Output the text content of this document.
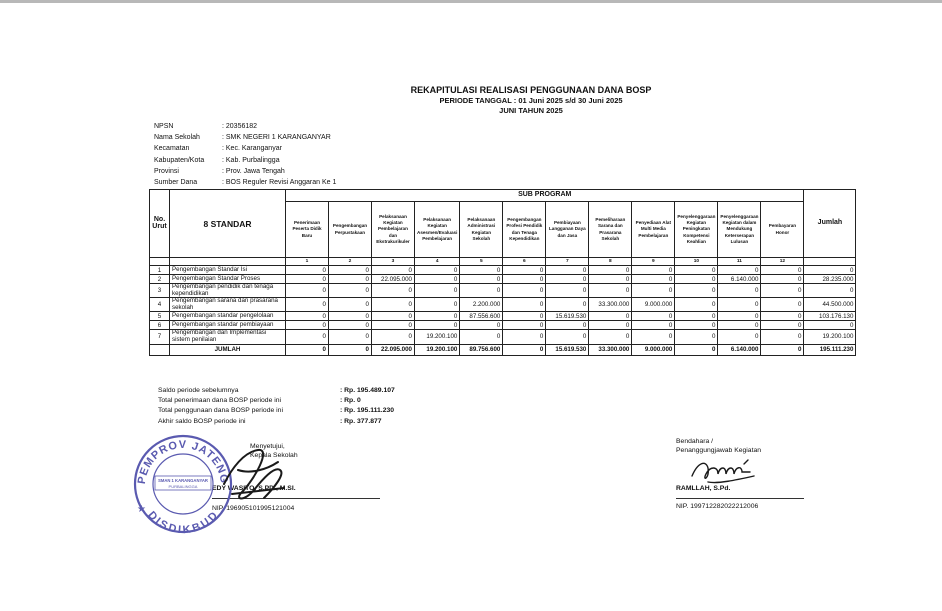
REKAPITULASI REALISASI PENGGUNAAN DANA BOSP
PERIODE TANGGAL : 01 Juni 2025 s/d 30 Juni 2025
JUNI TAHUN 2025
NPSN	: 20356182
Nama Sekolah	: SMK NEGERI 1 KARANGANYAR
Kecamatan	: Kec. Karanganyar
Kabupaten/Kota	: Kab. Purbalingga
Provinsi	: Prov. Jawa Tengah
Sumber Dana	: BOS Reguler Revisi Anggaran Ke 1
No. Urut	8 STANDAR	SUB PROGRAM												Jumlah
		Penerimaan Peserta Didik Baru	Pengembangan Perpustakaan	Pelaksanaan Kegiatan Pembelajaran dan Ekstrakurikuler	Pelaksanaan Kegiatan Asesmen/Evaluasi Pembelajaran	Pelaksanaan Administrasi Kegiatan Sekolah	Pengembangan Profesi Pendidik dan Tenaga Kependidikan	Pembiayaan Langganan Daya dan Jasa	Pemeliharaan Sarana dan Prasarana Sekolah	Penyediaan Alat Multi Media Pembelajaran	Penyelenggaraan Kegiatan Peningkatan Kompetensi Keahlian	Penyelenggaraan Kegiatan dalam Mendukung Keterserapan Lulusan	Pembayaran Honor	
		1	2	3	4	5	6	7	8	9	10	11	12	
1	Pengembangan Standar Isi	0	0	0	0	0	0	0	0	0	0	0	0	0
2	Pengembangan Standar Proses	0	0	22.095.000	0	0	0	0	0	0	0	6.140.000	0	28.235.000
3	Pengembangan pendidik dan tenaga kependidikan	0	0	0	0	0	0	0	0	0	0	0	0	0
4	Pengembangan sarana dan prasarana sekolah	0	0	0	0	2.200.000	0	0	33.300.000	9.000.000	0	0	0	44.500.000
5	Pengembangan standar pengelolaan	0	0	0	0	87.556.600	0	15.619.530	0	0	0	0	0	103.176.130
6	Pengembangan standar pembiayaan	0	0	0	0	0	0	0	0	0	0	0	0	0
7	Pengembangan dan Implementasi sistem penilaian	0	0	0	19.200.100	0	0	0	0	0	0	0	0	19.200.100
	JUMLAH	0	0	22.095.000	19.200.100	89.756.600	0	15.619.530	33.300.000	9.000.000	0	6.140.000	0	195.111.230
Saldo periode sebelumnya	: Rp. 195.489.107
Total penerimaan dana BOSP periode ini	: Rp. 0
Total penggunaan dana BOSP periode ini	: Rp. 195.111.230
Akhir saldo BOSP periode ini	: Rp. 377.877
Menyetujui,
Kepala Sekolah
EDY WASITO, S.PD., M.SI.
NIP. 196905101995121004
Bendahara /
Penanggungjawab Kegiatan
RAMLLAH, S.Pd.
NIP. 199712282022212006
PEMPROV JATENG
DISDIKBUD
SMAN 1 KARANGANYAR
PURBALINGGA
★
